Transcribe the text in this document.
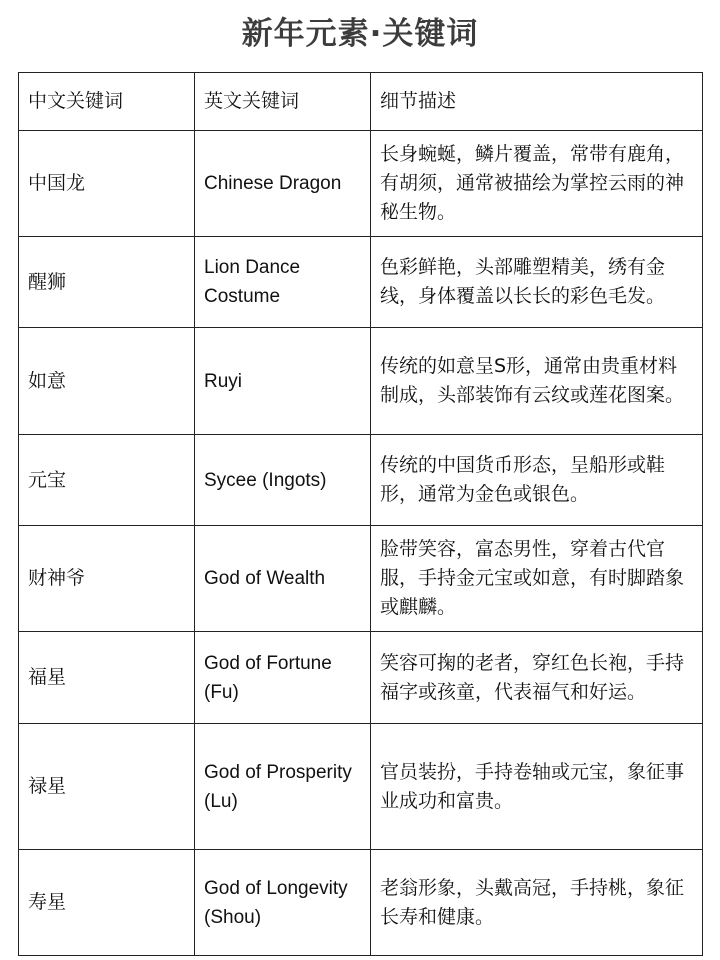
新年元素·关键词
中文关键词	英文关键词	细节描述
中国龙	Chinese Dragon	长身蜿蜒，鳞片覆盖，常带有鹿角，有胡须，通常被描绘为掌控云雨的神秘生物。
醒狮	Lion Dance Costume	色彩鲜艳，头部雕塑精美，绣有金线，身体覆盖以长长的彩色毛发。
如意	Ruyi	传统的如意呈S形，通常由贵重材料制成，头部装饰有云纹或莲花图案。
元宝	Sycee (Ingots)	传统的中国货币形态，呈船形或鞋形，通常为金色或银色。
财神爷	God of Wealth	脸带笑容，富态男性，穿着古代官服，手持金元宝或如意，有时脚踏象或麒麟。
福星	God of Fortune (Fu)	笑容可掬的老者，穿红色长袍，手持福字或孩童，代表福气和好运。
禄星	God of Prosperity (Lu)	官员装扮，手持卷轴或元宝，象征事业成功和富贵。
寿星	God of Longevity (Shou)	老翁形象，头戴高冠，手持桃，象征长寿和健康。
